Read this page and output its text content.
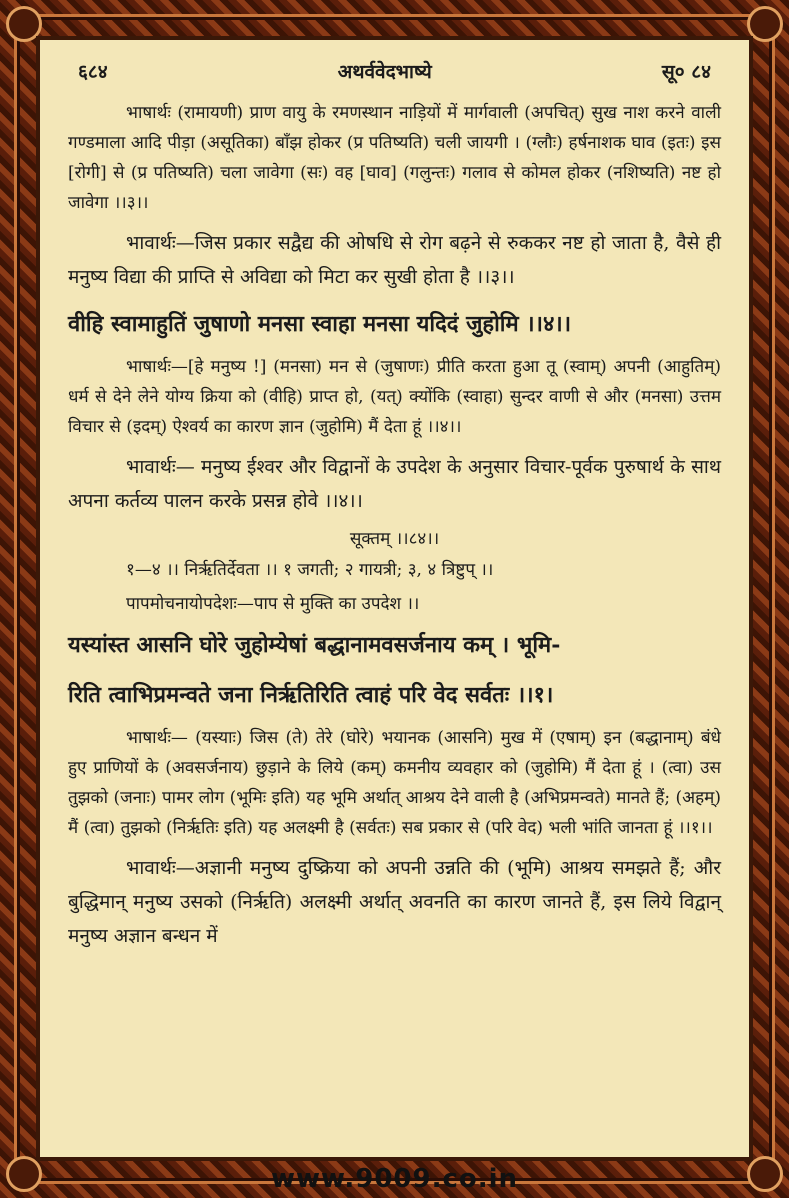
६८४	अथर्ववेदभाष्ये	सू० ८४

भाषार्थः (रामायणी) प्राण वायु के रमणस्थान नाड़ियों में मार्गवाली (अपचित्) सुख नाश करने वाली गण्डमाला आदि पीड़ा (असूतिका) बाँझ होकर (प्र पतिष्यति) चली जायगी । (ग्लौः) हर्षनाशक घाव (इतः) इस [रोगी] से (प्र पतिष्यति) चला जावेगा (सः) वह [घाव] (गलुन्तः) गलाव से कोमल होकर (नशिष्यति) नष्ट हो जावेगा ।।३।।

भावार्थः—जिस प्रकार सद्वैद्य की ओषधि से रोग बढ़ने से रुककर नष्ट हो जाता है, वैसे ही मनुष्य विद्या की प्राप्ति से अविद्या को मिटा कर सुखी होता है ।।३।।

वीहि स्वामाहुतिं जुषाणो मनसा स्वाहा मनसा यदिदं जुहोमि ।।४।।

भाषार्थः—[हे मनुष्य !] (मनसा) मन से (जुषाणः) प्रीति करता हुआ तू (स्वाम्) अपनी (आहुतिम्) धर्म से देने लेने योग्य क्रिया को (वीहि) प्राप्त हो, (यत्) क्योंकि (स्वाहा) सुन्दर वाणी से और (मनसा) उत्तम विचार से (इदम्) ऐश्वर्य का कारण ज्ञान (जुहोमि) मैं देता हूं ।।४।।

भावार्थः— मनुष्य ईश्वर और विद्वानों के उपदेश के अनुसार विचार-पूर्वक पुरुषार्थ के साथ अपना कर्तव्य पालन करके प्रसन्न होवे ।।४।।

सूक्तम् ।।८४।।
१—४ ।। निर्ऋतिर्देवता ।। १ जगती; २ गायत्री; ३, ४ त्रिष्टुप् ।।
पापमोचनायोपदेशः—पाप से मुक्ति का उपदेश ।।
यस्यांस्त आसनि घोरे जुहोम्येषां बद्धानामवसर्जनाय कम् । भूमि-
रिति त्वाभिप्रमन्वते जना निर्ऋतिरिति त्वाहं परि वेद सर्वतः ।।१।

भाषार्थः— (यस्याः) जिस (ते) तेरे (घोरे) भयानक (आसनि) मुख में (एषाम्) इन (बद्धानाम्) बंधे हुए प्राणियों के (अवसर्जनाय) छुड़ाने के लिये (कम्) कमनीय व्यवहार को (जुहोमि) मैं देता हूं । (त्वा) उस तुझको (जनाः) पामर लोग (भूमिः इति) यह भूमि अर्थात् आश्रय देने वाली है (अभिप्रमन्वते) मानते हैं; (अहम्) मैं (त्वा) तुझको (निर्ऋतिः इति) यह अलक्ष्मी है (सर्वतः) सब प्रकार से (परि वेद) भली भांति जानता हूं ।।१।।

भावार्थः—अज्ञानी मनुष्य दुष्क्रिया को अपनी उन्नति की (भूमि) आश्रय समझते हैं; और बुद्धिमान् मनुष्य उसको (निर्ऋति) अलक्ष्मी अर्थात् अवनति का कारण जानते हैं, इस लिये विद्वान् मनुष्य अज्ञान बन्धन में

www.9009.co.in
